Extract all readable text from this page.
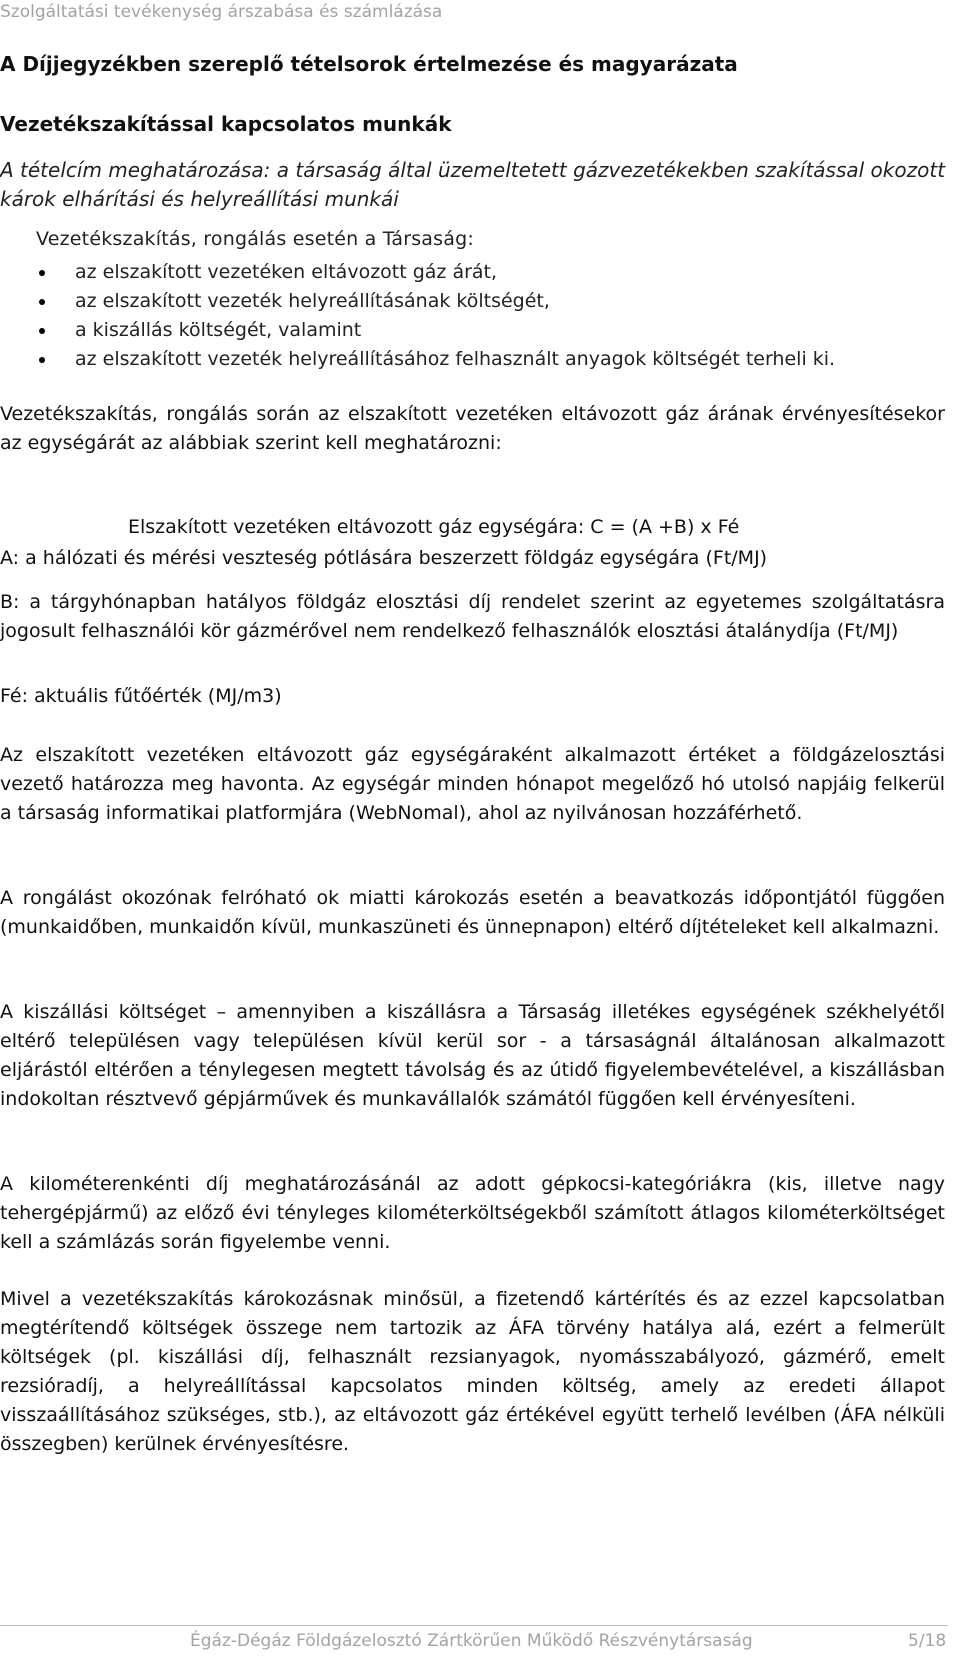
Szolgáltatási tevékenység árszabása és számlázása
A Díjjegyzékben szereplő tételsorok értelmezése és magyarázata
Vezetékszakítással kapcsolatos munkák
A tételcím meghatározása: a társaság által üzemeltetett gázvezetékekben szakítással okozott károk elhárítási és helyreállítási munkái
Vezetékszakítás, rongálás esetén a Társaság:
az elszakított vezetéken eltávozott gáz árát,
az elszakított vezeték helyreállításának költségét,
a kiszállás költségét, valamint
az elszakított vezeték helyreállításához felhasznált anyagok költségét terheli ki.
Vezetékszakítás, rongálás során az elszakított vezetéken eltávozott gáz árának érvényesítésekor az egységárát az alábbiak szerint kell meghatározni:
Elszakított vezetéken eltávozott gáz egységára: C = (A +B) x Fé
A: a hálózati és mérési veszteség pótlására beszerzett földgáz egységára (Ft/MJ)
B: a tárgyhónapban hatályos földgáz elosztási díj rendelet szerint az egyetemes szolgáltatásra jogosult felhasználói kör gázmérővel nem rendelkező felhasználók elosztási átalánydíja (Ft/MJ)
Fé: aktuális fűtőérték (MJ/m3)
Az elszakított vezetéken eltávozott gáz egységáraként alkalmazott értéket a földgázelosztási vezető határozza meg havonta. Az egységár minden hónapot megelőző hó utolsó napjáig felkerül a társaság informatikai platformjára (WebNomal), ahol az nyilvánosan hozzáférhető.
A rongálást okozónak felróható ok miatti károkozás esetén a beavatkozás időpontjától függően (munkaidőben, munkaidőn kívül, munkaszüneti és ünnepnapon) eltérő díjtételeket kell alkalmazni.
A kiszállási költséget – amennyiben a kiszállásra a Társaság illetékes egységének székhelyétől eltérő településen vagy településen kívül kerül sor - a társaságnál általánosan alkalmazott eljárástól eltérően a ténylegesen megtett távolság és az útidő figyelembevételével, a kiszállásban indokoltan résztvevő gépjárművek és munkavállalók számától függően kell érvényesíteni.
A kilométerenkénti díj meghatározásánál az adott gépkocsi-kategóriákra (kis, illetve nagy tehergépjármű) az előző évi tényleges kilométerköltségekből számított átlagos kilométerköltséget kell a számlázás során figyelembe venni.
Mivel a vezetékszakítás károkozásnak minősül, a fizetendő kártérítés és az ezzel kapcsolatban megtérítendő költségek összege nem tartozik az ÁFA törvény hatálya alá, ezért a felmerült költségek (pl. kiszállási díj, felhasznált rezsianyagok, nyomásszabályozó, gázmérő, emelt rezsióradíj, a helyreállítással kapcsolatos minden költség, amely az eredeti állapot visszaállításához szükséges, stb.), az eltávozott gáz értékével együtt terhelő levélben (ÁFA nélküli összegben) kerülnek érvényesítésre.
Égáz-Dégáz Földgázelosztó Zártkörűen Működő Részvénytársaság	5/18
